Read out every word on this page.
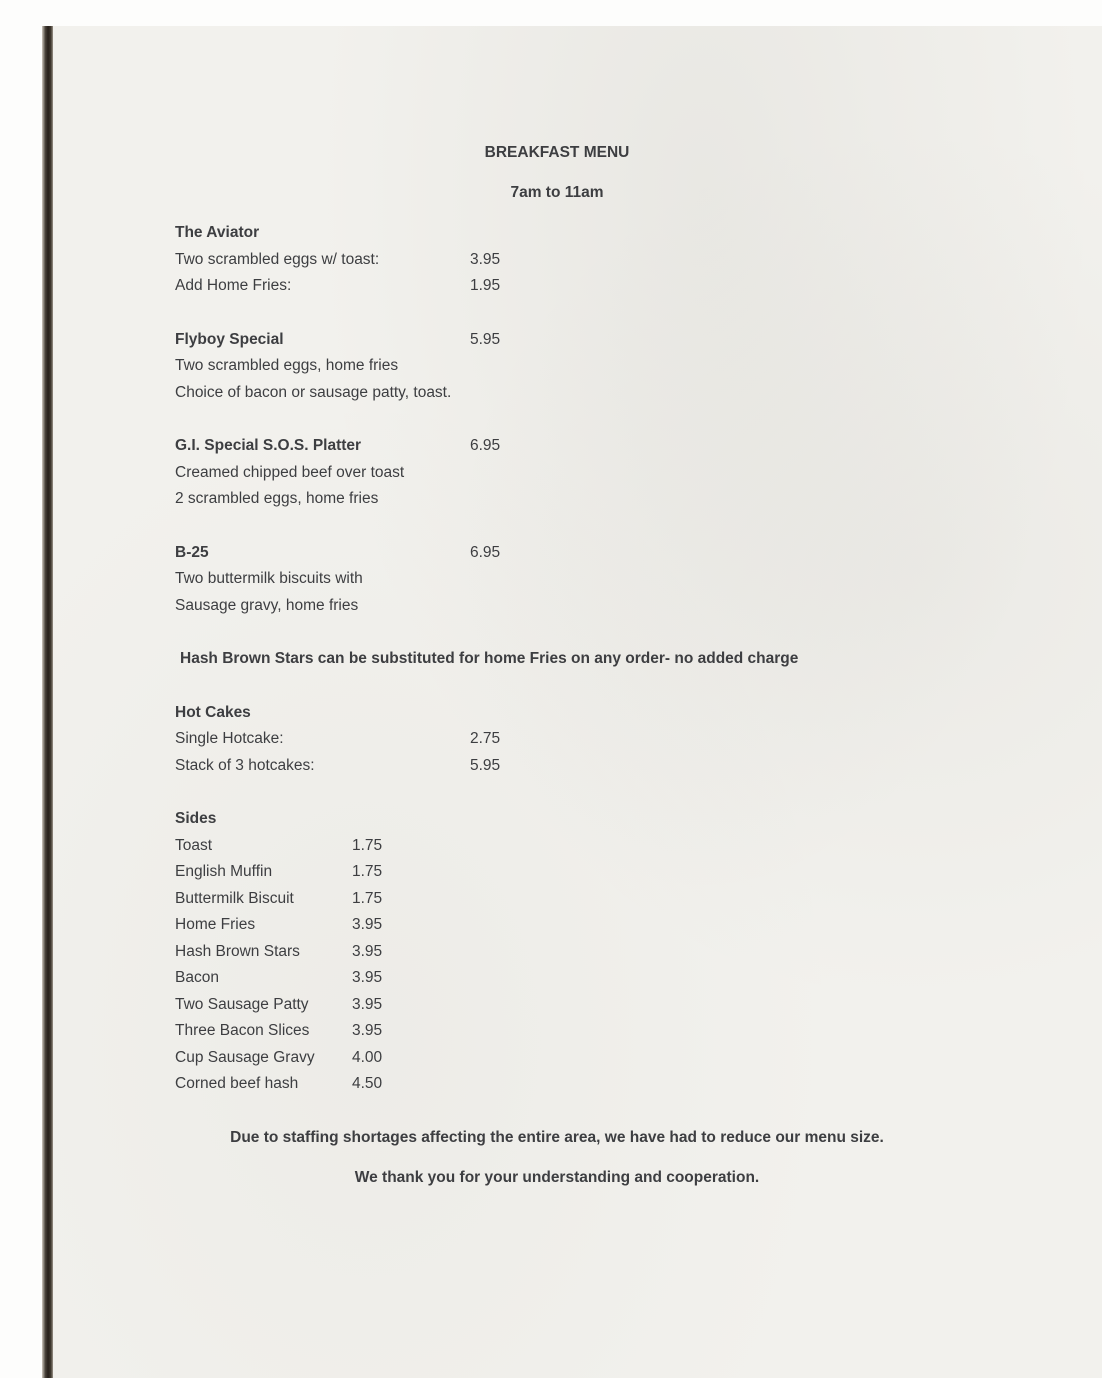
BREAKFAST MENU
7am to 11am
The Aviator
Two scrambled eggs w/ toast:	3.95
Add Home Fries:	1.95
Flyboy Special	5.95
Two scrambled eggs, home fries
Choice of bacon or sausage patty, toast.
G.I. Special S.O.S. Platter	6.95
Creamed chipped beef over toast
2 scrambled eggs, home fries
B-25	6.95
Two buttermilk biscuits with
Sausage gravy, home fries
Hash Brown Stars can be substituted for home Fries on any order- no added charge
Hot Cakes
Single Hotcake:	2.75
Stack of 3 hotcakes:	5.95
Sides
Toast	1.75
English Muffin	1.75
Buttermilk Biscuit	1.75
Home Fries	3.95
Hash Brown Stars	3.95
Bacon	3.95
Two Sausage Patty	3.95
Three Bacon Slices	3.95
Cup Sausage Gravy 4.00
Corned beef hash	4.50
Due to staffing shortages affecting the entire area, we have had to reduce our menu size.
We thank you for your understanding and cooperation.
